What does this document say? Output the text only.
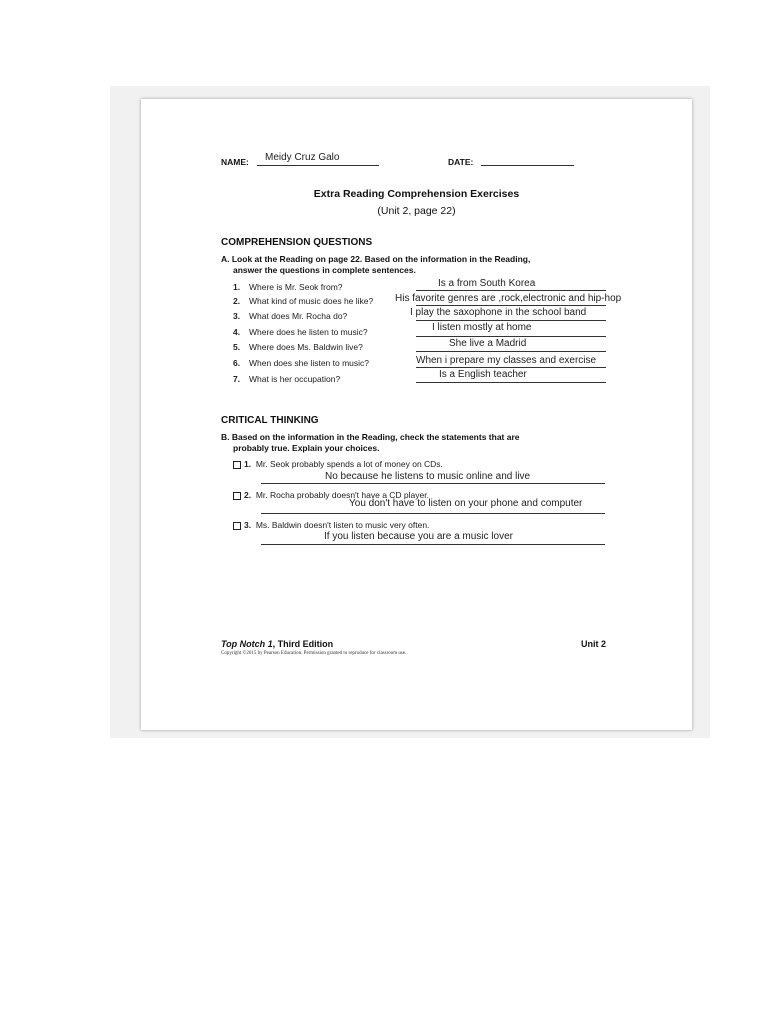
NAME: Meidy Cruz Galo	DATE:
Extra Reading Comprehension Exercises
(Unit 2, page 22)
COMPREHENSION QUESTIONS
A. Look at the Reading on page 22. Based on the information in the Reading,
answer the questions in complete sentences.
1. Where is Mr. Seok from?	Is a from South Korea
2. What kind of music does he like? His favorite genres are ,rock,electronic and hip-hop
3. What does Mr. Rocha do?	I play the saxophone in the school band
4. Where does he listen to music?	I listen mostly at home
5. Where does Ms. Baldwin live?	She live a Madrid
6. When does she listen to music?	When i prepare my classes and exercise
7. What is her occupation?	Is a English teacher
CRITICAL THINKING
B. Based on the information in the Reading, check the statements that are
probably true. Explain your choices.
1. Mr. Seok probably spends a lot of money on CDs.
No because he listens to music online and live
2. Mr. Rocha probably doesn't have a CD player.
You don't have to listen on your phone and computer
3. Ms. Baldwin doesn't listen to music very often.
If you listen because you are a music lover
Top Notch 1, Third Edition	Unit 2
Copyright ©2015 by Pearson Education. Permission granted to reproduce for classroom use.
